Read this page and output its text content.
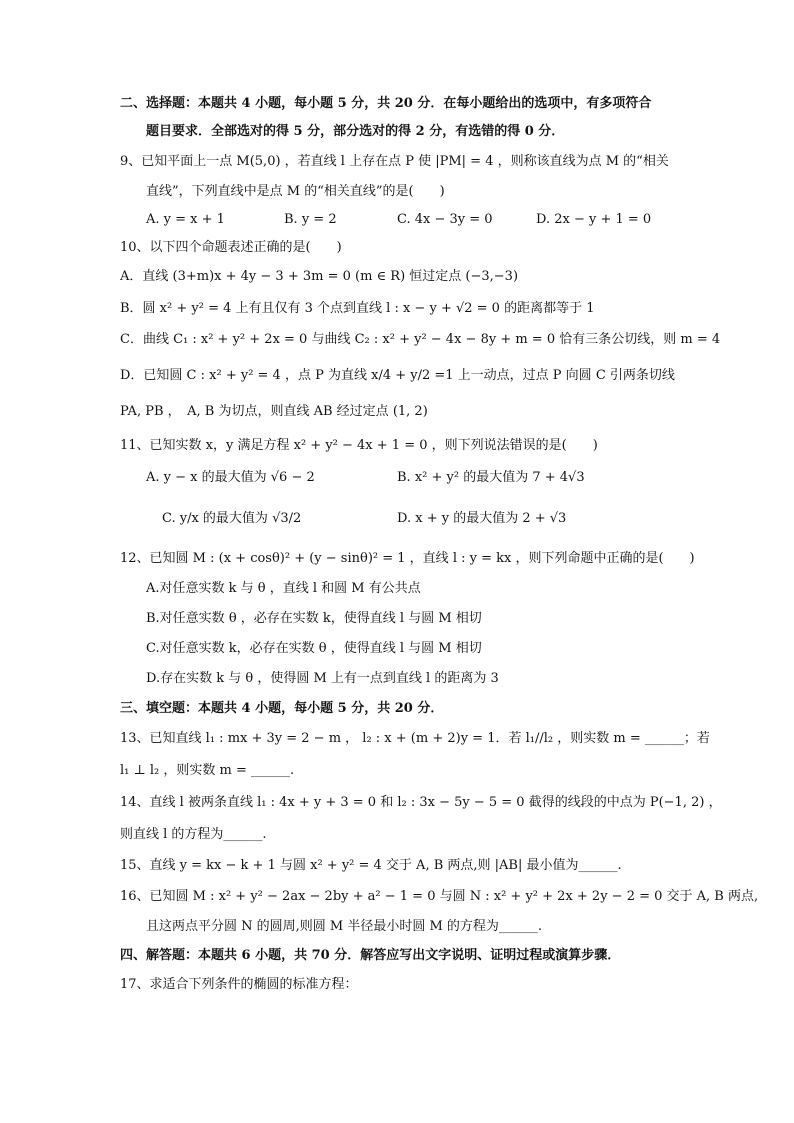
二、选择题：本题共 4 小题，每小题 5 分，共 20 分．在每小题给出的选项中，有多项符合
题目要求．全部选对的得 5 分，部分选对的得 2 分，有选错的得 0 分．
9、已知平面上一点 M(5,0) ，若直线 l 上存在点 P 使 |PM| = 4 ，则称该直线为点 M 的“相关
直线”，下列直线中是点 M 的“相关直线”的是(　　)
A. y = x + 1	B. y = 2	C. 4x − 3y = 0	D. 2x − y + 1 = 0
10、以下四个命题表述正确的是(　　)
A．直线 (3+m)x + 4y − 3 + 3m = 0 (m ∈ R) 恒过定点 (−3,−3)
B．圆 x² + y² = 4 上有且仅有 3 个点到直线 l : x − y + √2 = 0 的距离都等于 1
C．曲线 C₁ : x² + y² + 2x = 0 与曲线 C₂ : x² + y² − 4x − 8y + m = 0 恰有三条公切线，则 m = 4
D．已知圆 C : x² + y² = 4 ，点 P 为直线 x/4 + y/2 =1 上一动点，过点 P 向圆 C 引两条切线
PA, PB ，　A, B 为切点，则直线 AB 经过定点 (1, 2)
11、已知实数 x，y 满足方程 x² + y² − 4x + 1 = 0 ，则下列说法错误的是(　　)
A. y − x 的最大值为 √6 − 2	B. x² + y² 的最大值为 7 + 4√3
C. y/x 的最大值为 √3/2	D. x + y 的最大值为 2 + √3
12、已知圆 M : (x + cosθ)² + (y − sinθ)² = 1 ，直线 l : y = kx ，则下列命题中正确的是(　　)
A.对任意实数 k 与 θ ，直线 l 和圆 M 有公共点
B.对任意实数 θ ，必存在实数 k，使得直线 l 与圆 M 相切
C.对任意实数 k，必存在实数 θ ，使得直线 l 与圆 M 相切
D.存在实数 k 与 θ ，使得圆 M 上有一点到直线 l 的距离为 3
三、填空题：本题共 4 小题，每小题 5 分，共 20 分．
13、已知直线 l₁ : mx + 3y = 2 − m ， l₂ : x + (m + 2)y = 1．若 l₁//l₂ ，则实数 m = ______；若
l₁ ⊥ l₂ ，则实数 m = ______.
14、直线 l 被两条直线 l₁ : 4x + y + 3 = 0 和 l₂ : 3x − 5y − 5 = 0 截得的线段的中点为 P(−1, 2) ，
则直线 l 的方程为______.
15、直线 y = kx − k + 1 与圆 x² + y² = 4 交于 A, B 两点,则 |AB| 最小值为______.
16、已知圆 M : x² + y² − 2ax − 2by + a² − 1 = 0 与圆 N : x² + y² + 2x + 2y − 2 = 0 交于 A, B 两点,
且这两点平分圆 N 的圆周,则圆 M 半径最小时圆 M 的方程为______.
四、解答题：本题共 6 小题，共 70 分．解答应写出文字说明、证明过程或演算步骤．
17、求适合下列条件的椭圆的标准方程：
